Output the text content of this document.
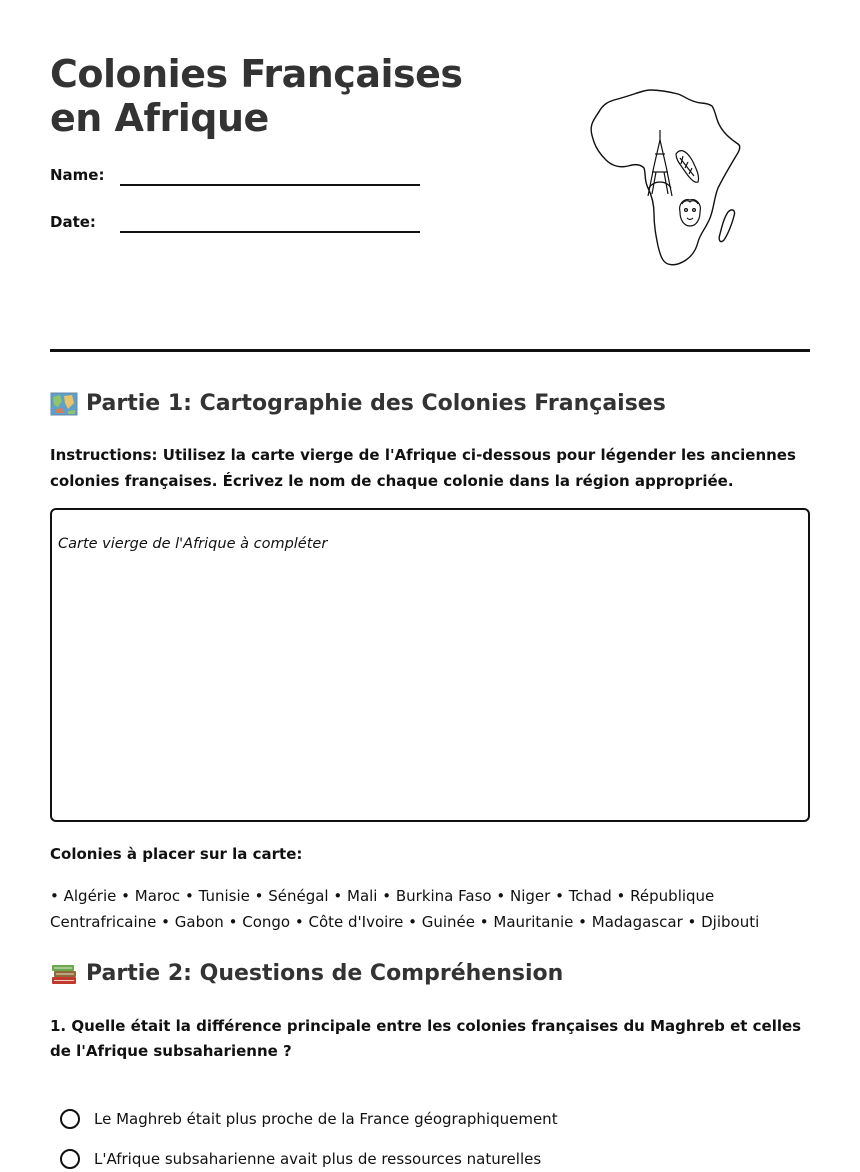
Colonies Françaises en Afrique
Name:
Date:
Partie 1: Cartographie des Colonies Françaises

Instructions: Utilisez la carte vierge de l'Afrique ci-dessous pour légender les anciennes colonies françaises. Écrivez le nom de chaque colonie dans la région appropriée.

Carte vierge de l'Afrique à compléter
Colonies à placer sur la carte:

• Algérie • Maroc • Tunisie • Sénégal • Mali • Burkina Faso • Niger • Tchad • République Centrafricaine • Gabon • Congo • Côte d'Ivoire • Guinée • Mauritanie • Madagascar • Djibouti

Partie 2: Questions de Compréhension

1. Quelle était la différence principale entre les colonies françaises du Maghreb et celles de l'Afrique subsaharienne ?

Le Maghreb était plus proche de la France géographiquement
L'Afrique subsaharienne avait plus de ressources naturelles
